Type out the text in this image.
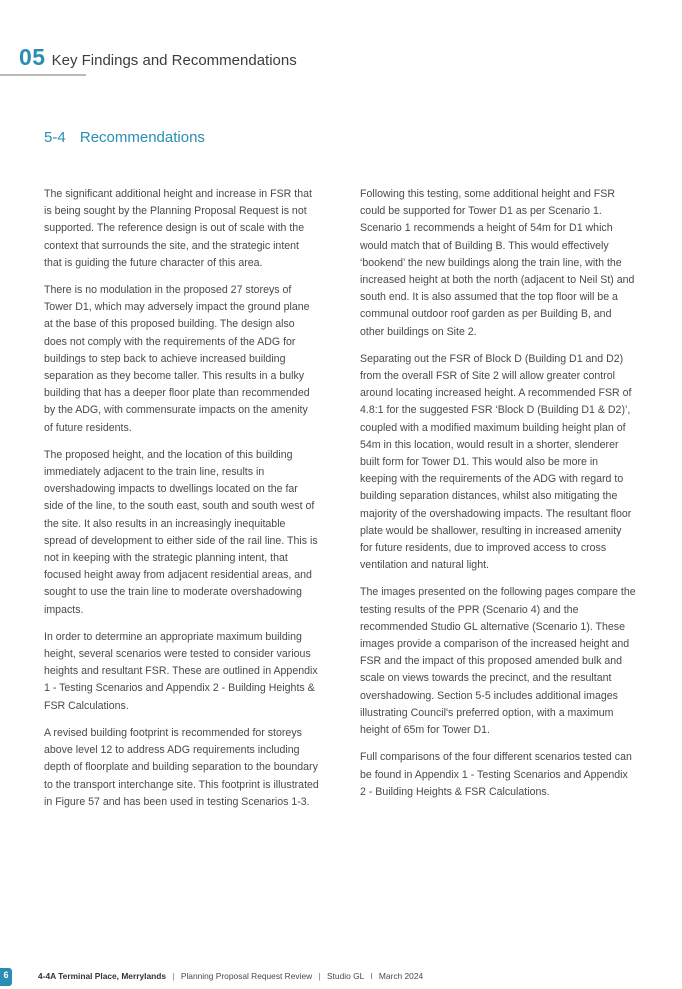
05 Key Findings and Recommendations
5-4 Recommendations

The significant additional height and increase in FSR that is being sought by the Planning Proposal Request is not supported. The reference design is out of scale with the context that surrounds the site, and the strategic intent that is guiding the future character of this area.

There is no modulation in the proposed 27 storeys of Tower D1, which may adversely impact the ground plane at the base of this proposed building. The design also does not comply with the requirements of the ADG for buildings to step back to achieve increased building separation as they become taller. This results in a bulky building that has a deeper floor plate than recommended by the ADG, with commensurate impacts on the amenity of future residents.

The proposed height, and the location of this building immediately adjacent to the train line, results in overshadowing impacts to dwellings located on the far side of the line, to the south east, south and south west of the site. It also results in an increasingly inequitable spread of development to either side of the rail line. This is not in keeping with the strategic planning intent, that focused height away from adjacent residential areas, and sought to use the train line to moderate overshadowing impacts.

In order to determine an appropriate maximum building height, several scenarios were tested to consider various heights and resultant FSR. These are outlined in Appendix 1 - Testing Scenarios and Appendix 2 - Building Heights & FSR Calculations.

A revised building footprint is recommended for storeys above level 12 to address ADG requirements including depth of floorplate and building separation to the boundary to the transport interchange site. This footprint is illustrated in Figure 57 and has been used in testing Scenarios 1-3.

Following this testing, some additional height and FSR could be supported for Tower D1 as per Scenario 1. Scenario 1 recommends a height of 54m for D1 which would match that of Building B. This would effectively ‘bookend’ the new buildings along the train line, with the increased height at both the north (adjacent to Neil St) and south end. It is also assumed that the top floor will be a communal outdoor roof garden as per Building B, and other buildings on Site 2.

Separating out the FSR of Block D (Building D1 and D2) from the overall FSR of Site 2 will allow greater control around locating increased height. A recommended FSR of 4.8:1 for the suggested FSR ‘Block D (Building D1 & D2)’, coupled with a modified maximum building height plan of 54m in this location, would result in a shorter, slenderer built form for Tower D1. This would also be more in keeping with the requirements of the ADG with regard to building separation distances, whilst also mitigating the majority of the overshadowing impacts. The resultant floor plate would be shallower, resulting in increased amenity for future residents, due to improved access to cross ventilation and natural light.

The images presented on the following pages compare the testing results of the PPR (Scenario 4) and the recommended Studio GL alternative (Scenario 1). These images provide a comparison of the increased height and FSR and the impact of this proposed amended bulk and scale on views towards the precinct, and the resultant overshadowing. Section 5-5 includes additional images illustrating Council's preferred option, with a maximum height of 65m for Tower D1.

Full comparisons of the four different scenarios tested can be found in Appendix 1 - Testing Scenarios and Appendix 2 - Building Heights & FSR Calculations.

6	4-4A Terminal Place, Merrylands | Planning Proposal Request Review | Studio GL I March 2024
